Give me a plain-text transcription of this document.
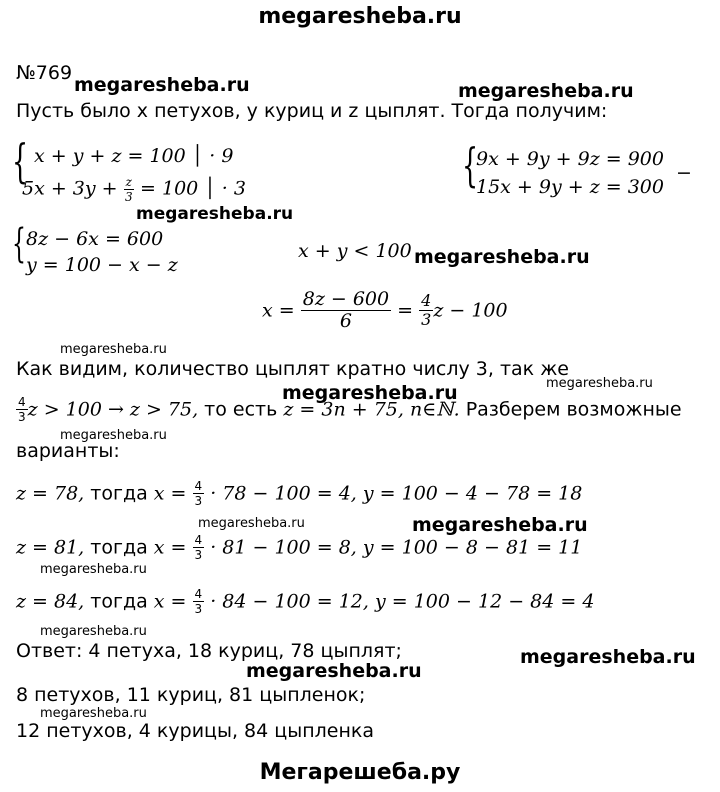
megaresheba.ru
№769
Пусть было х петухов, у куриц и z цыплят. Тогда получим:
{ x + y + z = 100 │ · 9
$5x + 3y + \frac{z}{3} = 100$ │ · 3	{
9x + 9y + 9z = 900
15x + 9y + z = 300
−
{ 8z − 6x = 600
y = 100 − x − z
x + y < 100
$x = \frac{8z - 600}{6} = \frac{4}{3}$ z − 100
Как видим, количество цыплят кратно числу 3, так же
$\frac{4}{3}$ z > 100 → z > 75, то есть z = 3n + 75, n∈ℕ. Разберем возможные
варианты:
z = 78, тогда $x = \frac{4}{3} \cdot 78 - 100 = 4$, y = 100 − 4 − 78 = 18
z = 81, тогда $x = \frac{4}{3} \cdot 81 - 100 = 8$, y = 100 − 8 − 81 = 11
z = 84, тогда $x = \frac{4}{3} \cdot 84 - 100 = 12$, y = 100 − 12 − 84 = 4
Ответ: 4 петуха, 18 куриц, 78 цыплят;
8 петухов, 11 куриц, 81 цыпленок;
12 петухов, 4 курицы, 84 цыпленка
megaresheba.ru	megaresheba.ru
megaresheba.ru
megaresheba.ru
megaresheba.ru
megaresheba.ru	megaresheba.ru
megaresheba.ru
megaresheba.ru	megaresheba.ru
megaresheba.ru
megaresheba.ru
megaresheba.ru
megaresheba.ru
megaresheba.ru
Мегарешеба.ру
